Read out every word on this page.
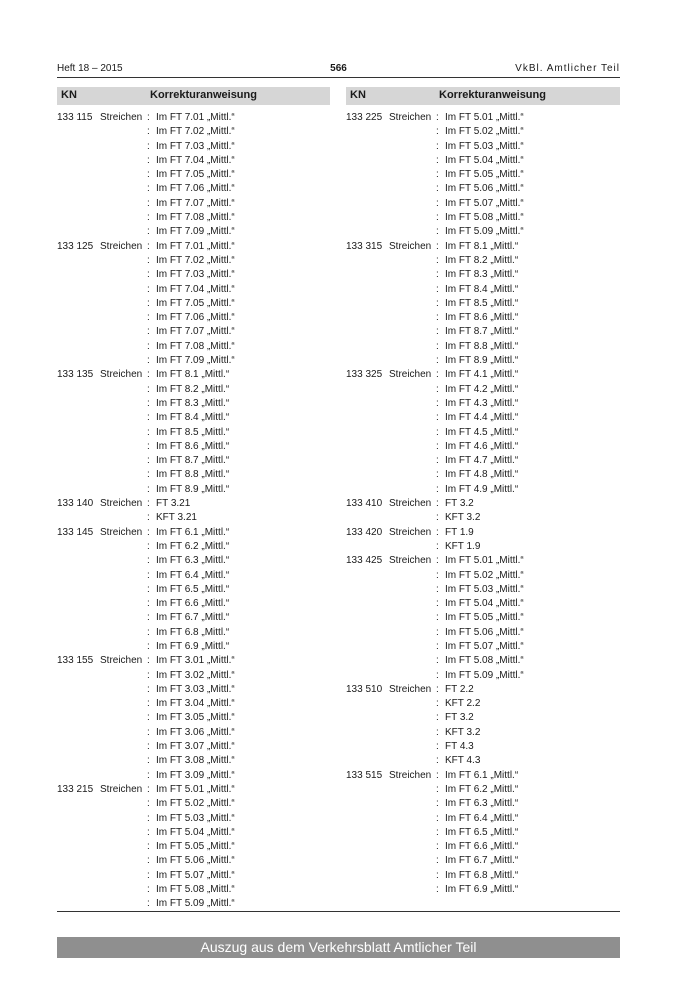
Heft 18 – 2015	566	VkBl. Amtlicher Teil
KN	Korrekturanweisung
133 115 Streichen : Im FT 7.01 „Mittl.“
: Im FT 7.02 „Mittl.“
: Im FT 7.03 „Mittl.“
: Im FT 7.04 „Mittl.“
: Im FT 7.05 „Mittl.“
: Im FT 7.06 „Mittl.“
: Im FT 7.07 „Mittl.“
: Im FT 7.08 „Mittl.“
: Im FT 7.09 „Mittl.“
133 125 Streichen : Im FT 7.01 „Mittl.“
: Im FT 7.02 „Mittl.“
: Im FT 7.03 „Mittl.“
: Im FT 7.04 „Mittl.“
: Im FT 7.05 „Mittl.“
: Im FT 7.06 „Mittl.“
: Im FT 7.07 „Mittl.“
: Im FT 7.08 „Mittl.“
: Im FT 7.09 „Mittl.“
133 135 Streichen : Im FT 8.1 „Mittl.“
: Im FT 8.2 „Mittl.“
: Im FT 8.3 „Mittl.“
: Im FT 8.4 „Mittl.“
: Im FT 8.5 „Mittl.“
: Im FT 8.6 „Mittl.“
: Im FT 8.7 „Mittl.“
: Im FT 8.8 „Mittl.“
: Im FT 8.9 „Mittl.“
133 140 Streichen : FT 3.21
: KFT 3.21
133 145 Streichen : Im FT 6.1 „Mittl.“
: Im FT 6.2 „Mittl.“
: Im FT 6.3 „Mittl.“
: Im FT 6.4 „Mittl.“
: Im FT 6.5 „Mittl.“
: Im FT 6.6 „Mittl.“
: Im FT 6.7 „Mittl.“
: Im FT 6.8 „Mittl.“
: Im FT 6.9 „Mittl.“
133 155 Streichen : Im FT 3.01 „Mittl.“
: Im FT 3.02 „Mittl.“
: Im FT 3.03 „Mittl.“
: Im FT 3.04 „Mittl.“
: Im FT 3.05 „Mittl.“
: Im FT 3.06 „Mittl.“
: Im FT 3.07 „Mittl.“
: Im FT 3.08 „Mittl.“
: Im FT 3.09 „Mittl.“
133 215 Streichen : Im FT 5.01 „Mittl.“
: Im FT 5.02 „Mittl.“
: Im FT 5.03 „Mittl.“
: Im FT 5.04 „Mittl.“
: Im FT 5.05 „Mittl.“
: Im FT 5.06 „Mittl.“
: Im FT 5.07 „Mittl.“
: Im FT 5.08 „Mittl.“
: Im FT 5.09 „Mittl.“
KN	Korrekturanweisung
133 225 Streichen : Im FT 5.01 „Mittl.“
: Im FT 5.02 „Mittl.“
: Im FT 5.03 „Mittl.“
: Im FT 5.04 „Mittl.“
: Im FT 5.05 „Mittl.“
: Im FT 5.06 „Mittl.“
: Im FT 5.07 „Mittl.“
: Im FT 5.08 „Mittl.“
: Im FT 5.09 „Mittl.“
133 315 Streichen : Im FT 8.1 „Mittl.“
: Im FT 8.2 „Mittl.“
: Im FT 8.3 „Mittl.“
: Im FT 8.4 „Mittl.“
: Im FT 8.5 „Mittl.“
: Im FT 8.6 „Mittl.“
: Im FT 8.7 „Mittl.“
: Im FT 8.8 „Mittl.“
: Im FT 8.9 „Mittl.“
133 325 Streichen : Im FT 4.1 „Mittl.“
: Im FT 4.2 „Mittl.“
: Im FT 4.3 „Mittl.“
: Im FT 4.4 „Mittl.“
: Im FT 4.5 „Mittl.“
: Im FT 4.6 „Mittl.“
: Im FT 4.7 „Mittl.“
: Im FT 4.8 „Mittl.“
: Im FT 4.9 „Mittl.“
133 410 Streichen : FT 3.2
: KFT 3.2
133 420 Streichen : FT 1.9
: KFT 1.9
133 425 Streichen : Im FT 5.01 „Mittl.“
: Im FT 5.02 „Mittl.“
: Im FT 5.03 „Mittl.“
: Im FT 5.04 „Mittl.“
: Im FT 5.05 „Mittl.“
: Im FT 5.06 „Mittl.“
: Im FT 5.07 „Mittl.“
: Im FT 5.08 „Mittl.“
: Im FT 5.09 „Mittl.“
133 510 Streichen : FT 2.2
: KFT 2.2
: FT 3.2
: KFT 3.2
: FT 4.3
: KFT 4.3
133 515 Streichen : Im FT 6.1 „Mittl.“
: Im FT 6.2 „Mittl.“
: Im FT 6.3 „Mittl.“
: Im FT 6.4 „Mittl.“
: Im FT 6.5 „Mittl.“
: Im FT 6.6 „Mittl.“
: Im FT 6.7 „Mittl.“
: Im FT 6.8 „Mittl.“
: Im FT 6.9 „Mittl.“
Auszug aus dem Verkehrsblatt Amtlicher Teil
